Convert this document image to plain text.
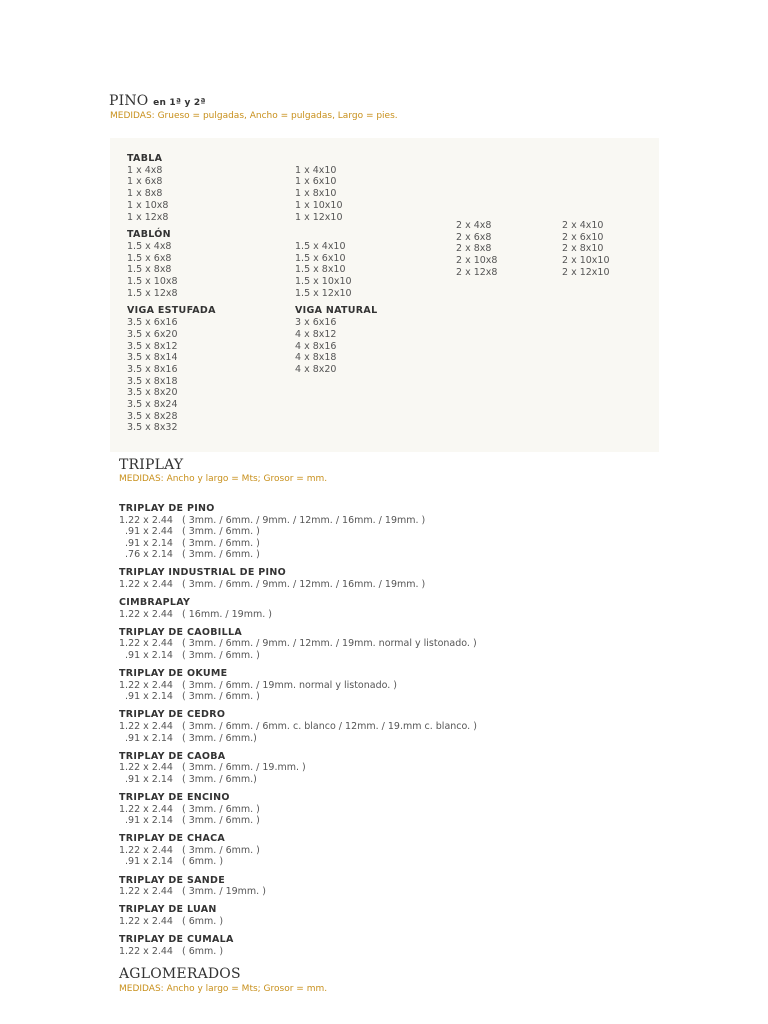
PINO en 1ª y 2ª
MEDIDAS: Grueso = pulgadas, Ancho = pulgadas, Largo = pies.
TABLA
1 x 4x8
1 x 6x8
1 x 8x8
1 x 10x8
1 x 12x8
TABLÓN
1.5 x 4x8
1.5 x 6x8
1.5 x 8x8
1.5 x 10x8
1.5 x 12x8
VIGA ESTUFADA
3.5 x 6x16
3.5 x 6x20
3.5 x 8x12
3.5 x 8x14
3.5 x 8x16
3.5 x 8x18
3.5 x 8x20
3.5 x 8x24
3.5 x 8x28
3.5 x 8x32

1 x 4x10
1 x 6x10
1 x 8x10
1 x 10x10
1 x 12x10

1.5 x 4x10
1.5 x 6x10
1.5 x 8x10
1.5 x 10x10
1.5 x 12x10
VIGA NATURAL
3 x 6x16
4 x 8x12
4 x 8x16
4 x 8x18
4 x 8x20
2 x 4x8
2 x 6x8
2 x 8x8
2 x 10x8
2 x 12x8
2 x 4x10
2 x 6x10
2 x 8x10
2 x 10x10
2 x 12x10
TRIPLAY
MEDIDAS: Ancho y largo = Mts; Grosor = mm.
TRIPLAY DE PINO
1.22 x 2.44   ( 3mm. / 6mm. / 9mm. / 12mm. / 16mm. / 19mm. )
.91 x 2.44   ( 3mm. / 6mm. )
.91 x 2.14   ( 3mm. / 6mm. )
.76 x 2.14   ( 3mm. / 6mm. )
TRIPLAY INDUSTRIAL DE PINO
1.22 x 2.44   ( 3mm. / 6mm. / 9mm. / 12mm. / 16mm. / 19mm. )
CIMBRAPLAY
1.22 x 2.44   ( 16mm. / 19mm. )
TRIPLAY DE CAOBILLA
1.22 x 2.44   ( 3mm. / 6mm. / 9mm. / 12mm. / 19mm. normal y listonado. )
.91 x 2.14   ( 3mm. / 6mm. )
TRIPLAY DE OKUME
1.22 x 2.44   ( 3mm. / 6mm. / 19mm. normal y listonado. )
.91 x 2.14   ( 3mm. / 6mm. )
TRIPLAY DE CEDRO
1.22 x 2.44   ( 3mm. / 6mm. / 6mm. c. blanco / 12mm. / 19.mm c. blanco. )
.91 x 2.14   ( 3mm. / 6mm.)
TRIPLAY DE CAOBA
1.22 x 2.44   ( 3mm. / 6mm. / 19.mm. )
.91 x 2.14   ( 3mm. / 6mm.)
TRIPLAY DE ENCINO
1.22 x 2.44   ( 3mm. / 6mm. )
.91 x 2.14   ( 3mm. / 6mm. )
TRIPLAY DE CHACA
1.22 x 2.44   ( 3mm. / 6mm. )
.91 x 2.14   ( 6mm. )
TRIPLAY DE SANDE
1.22 x 2.44   ( 3mm. / 19mm. )
TRIPLAY DE LUAN
1.22 x 2.44   ( 6mm. )
TRIPLAY DE CUMALA
1.22 x 2.44   ( 6mm. )
AGLOMERADOS
MEDIDAS: Ancho y largo = Mts; Grosor = mm.
